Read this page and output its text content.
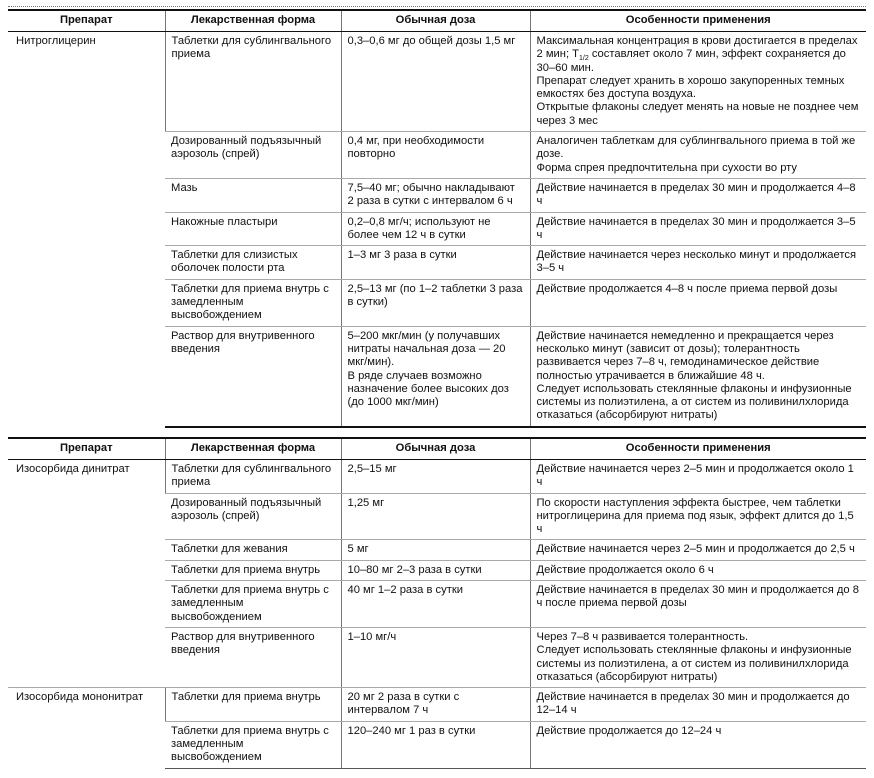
Препарат	Лекарственная форма	Обычная доза	Особенности применения
Нитроглицерин	Таблетки для сублингвального приема	0,3–0,6 мг до общей дозы 1,5 мг	Максимальная концентрация в крови достигается в пределах 2 мин; $T_{1/2}$ составляет около 7 мин, эффект сохраняется до 30–60 мин.
Препарат следует хранить в хорошо закупоренных темных емкостях без доступа воздуха.
Открытые флаконы следует менять на новые не позднее чем через 3 мес

	Дозированный подъязычный аэрозоль (спрей)	0,4 мг, при необходимости повторно	Аналогичен таблеткам для сублингвального приема в той же дозе.
Форма спрея предпочтительна при сухости во рту

	Мазь	7,5–40 мг; обычно накладывают 2 раза в сутки с интервалом 6 ч	Действие начинается в пределах 30 мин и продолжается 4–8 ч

	Накожные пластыри	0,2–0,8 мг/ч; используют не более чем 12 ч в сутки	Действие начинается в пределах 30 мин и продолжается 3–5 ч

	Таблетки для слизистых оболочек полости рта	1–3 мг 3 раза в сутки	Действие начинается через несколько минут и продолжается 3–5 ч

	Таблетки для приема внутрь с замедленным высвобождением	2,5–13 мг (по 1–2 таблетки 3 раза в сутки)	Действие продолжается 4–8 ч после приема первой дозы

	Раствор для внутривенного введения	5–200 мкг/мин (у получавших нитраты начальная доза — 20 мкг/мин).
В ряде случаев возможно назначение более высоких доз (до 1000 мкг/мин)	Действие начинается немедленно и прекращается через несколько минут (зависит от дозы); толерантность развивается через 7–8 ч, гемодинамическое действие полностью утрачивается в ближайшие 48 ч.
Следует использовать стеклянные флаконы и инфузионные системы из полиэтилена, а от систем из поливинилхлорида отказаться (абсорбируют нитраты)
Препарат	Лекарственная форма	Обычная доза	Особенности применения
Изосорбида динитрат	Таблетки для сублингвального приема	2,5–15 мг	Действие начинается через 2–5 мин и продолжается около 1 ч

	Дозированный подъязычный аэрозоль (спрей)	1,25 мг	По скорости наступления эффекта быстрее, чем таблетки нитроглицерина для приема под язык, эффект длится до 1,5 ч

	Таблетки для жевания	5 мг	Действие начинается через 2–5 мин и продолжается до 2,5 ч

	Таблетки для приема внутрь	10–80 мг 2–3 раза в сутки	Действие продолжается около 6 ч

	Таблетки для приема внутрь с замедленным высвобождением	40 мг 1–2 раза в сутки	Действие начинается в пределах 30 мин и продолжается до 8 ч после приема первой дозы

	Раствор для внутривенного введения	1–10 мг/ч	Через 7–8 ч развивается толерантность.
Следует использовать стеклянные флаконы и инфузионные системы из полиэтилена, а от систем из поливинилхлорида отказаться (абсорбируют нитраты)

Изосорбида мононитрат	Таблетки для приема внутрь	20 мг 2 раза в сутки с интервалом 7 ч	Действие начинается в пределах 30 мин и продолжается до 12–14 ч

	Таблетки для приема внутрь с замедленным высвобождением	120–240 мг 1 раз в сутки	Действие продолжается до 12–24 ч
